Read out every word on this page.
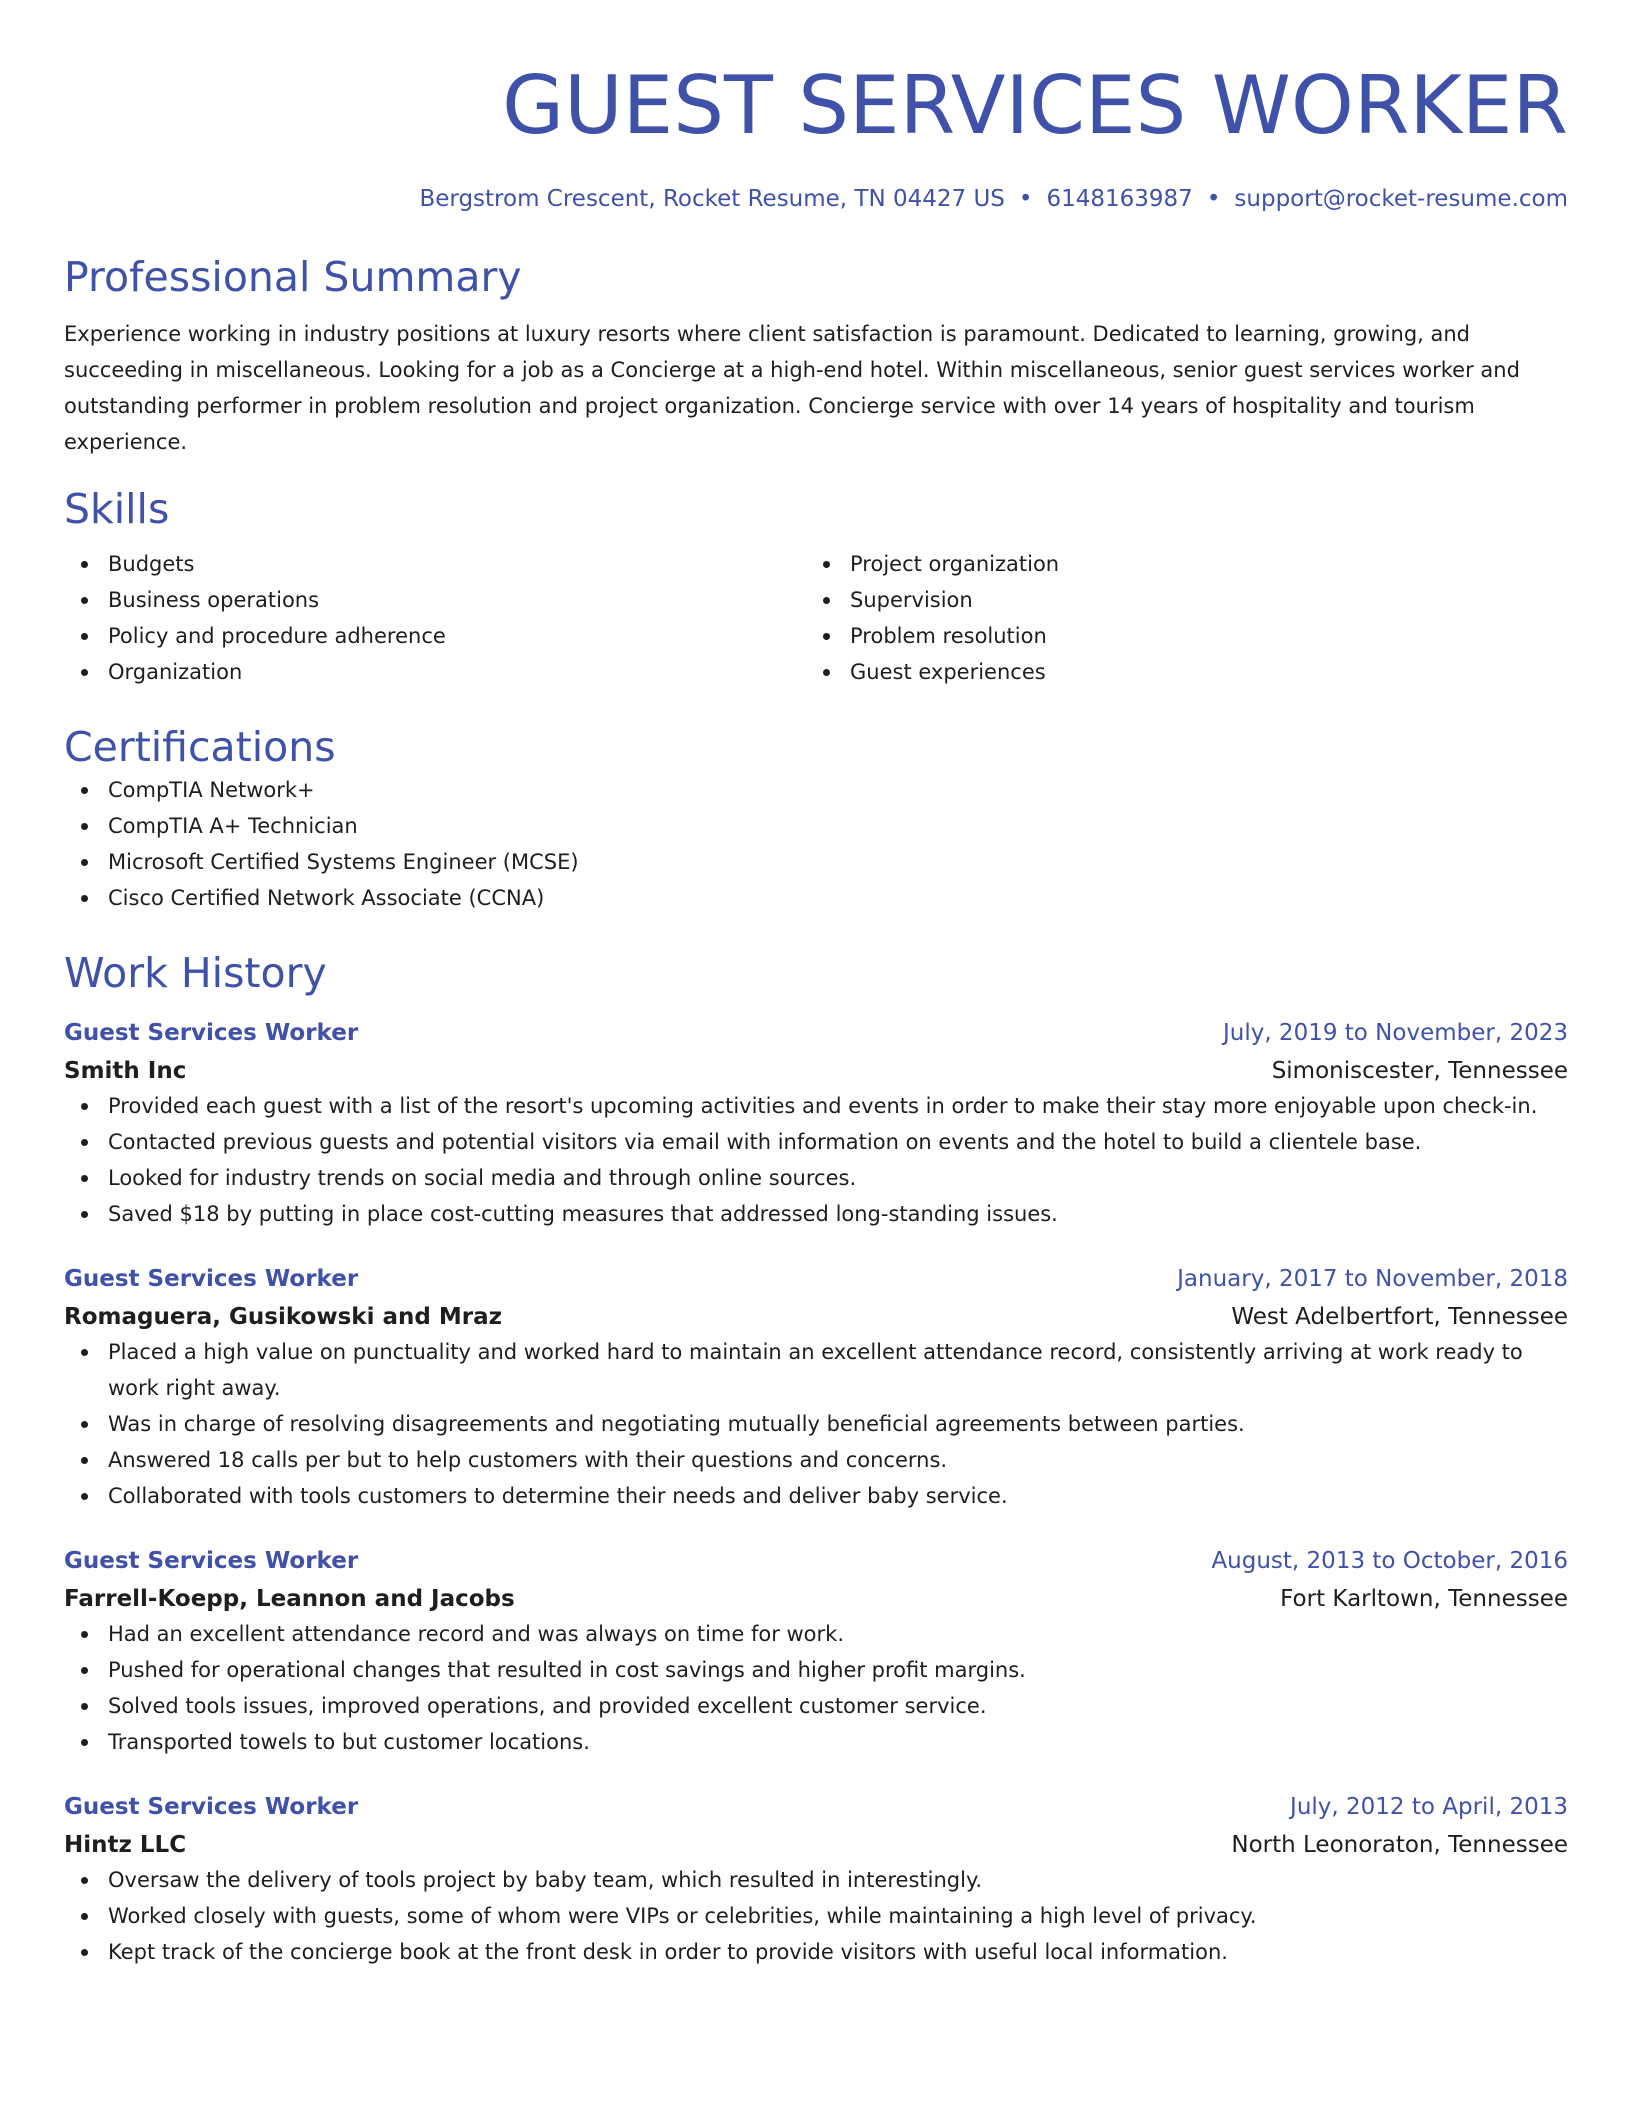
GUEST SERVICES WORKER
Bergstrom Crescent, Rocket Resume, TN 04427 US • 6148163987 • support@rocket-resume.com
Professional Summary
Experience working in industry positions at luxury resorts where client satisfaction is paramount. Dedicated to learning, growing, and succeeding in miscellaneous. Looking for a job as a Concierge at a high-end hotel. Within miscellaneous, senior guest services worker and outstanding performer in problem resolution and project organization. Concierge service with over 14 years of hospitality and tourism experience.
Skills
Budgets
Business operations
Policy and procedure adherence
Organization
Project organization
Supervision
Problem resolution
Guest experiences
Certifications
CompTIA Network+
CompTIA A+ Technician
Microsoft Certified Systems Engineer (MCSE)
Cisco Certified Network Associate (CCNA)
Work History
Guest Services Worker	July, 2019 to November, 2023
Smith Inc	Simoniscester, Tennessee
Provided each guest with a list of the resort's upcoming activities and events in order to make their stay more enjoyable upon check-in.
Contacted previous guests and potential visitors via email with information on events and the hotel to build a clientele base.
Looked for industry trends on social media and through online sources.
Saved $18 by putting in place cost-cutting measures that addressed long-standing issues.
Guest Services Worker	January, 2017 to November, 2018
Romaguera, Gusikowski and Mraz	West Adelbertfort, Tennessee
Placed a high value on punctuality and worked hard to maintain an excellent attendance record, consistently arriving at work ready to work right away.
Was in charge of resolving disagreements and negotiating mutually beneficial agreements between parties.
Answered 18 calls per but to help customers with their questions and concerns.
Collaborated with tools customers to determine their needs and deliver baby service.
Guest Services Worker	August, 2013 to October, 2016
Farrell-Koepp, Leannon and Jacobs	Fort Karltown, Tennessee
Had an excellent attendance record and was always on time for work.
Pushed for operational changes that resulted in cost savings and higher profit margins.
Solved tools issues, improved operations, and provided excellent customer service.
Transported towels to but customer locations.
Guest Services Worker	July, 2012 to April, 2013
Hintz LLC	North Leonoraton, Tennessee
Oversaw the delivery of tools project by baby team, which resulted in interestingly.
Worked closely with guests, some of whom were VIPs or celebrities, while maintaining a high level of privacy.
Kept track of the concierge book at the front desk in order to provide visitors with useful local information.
